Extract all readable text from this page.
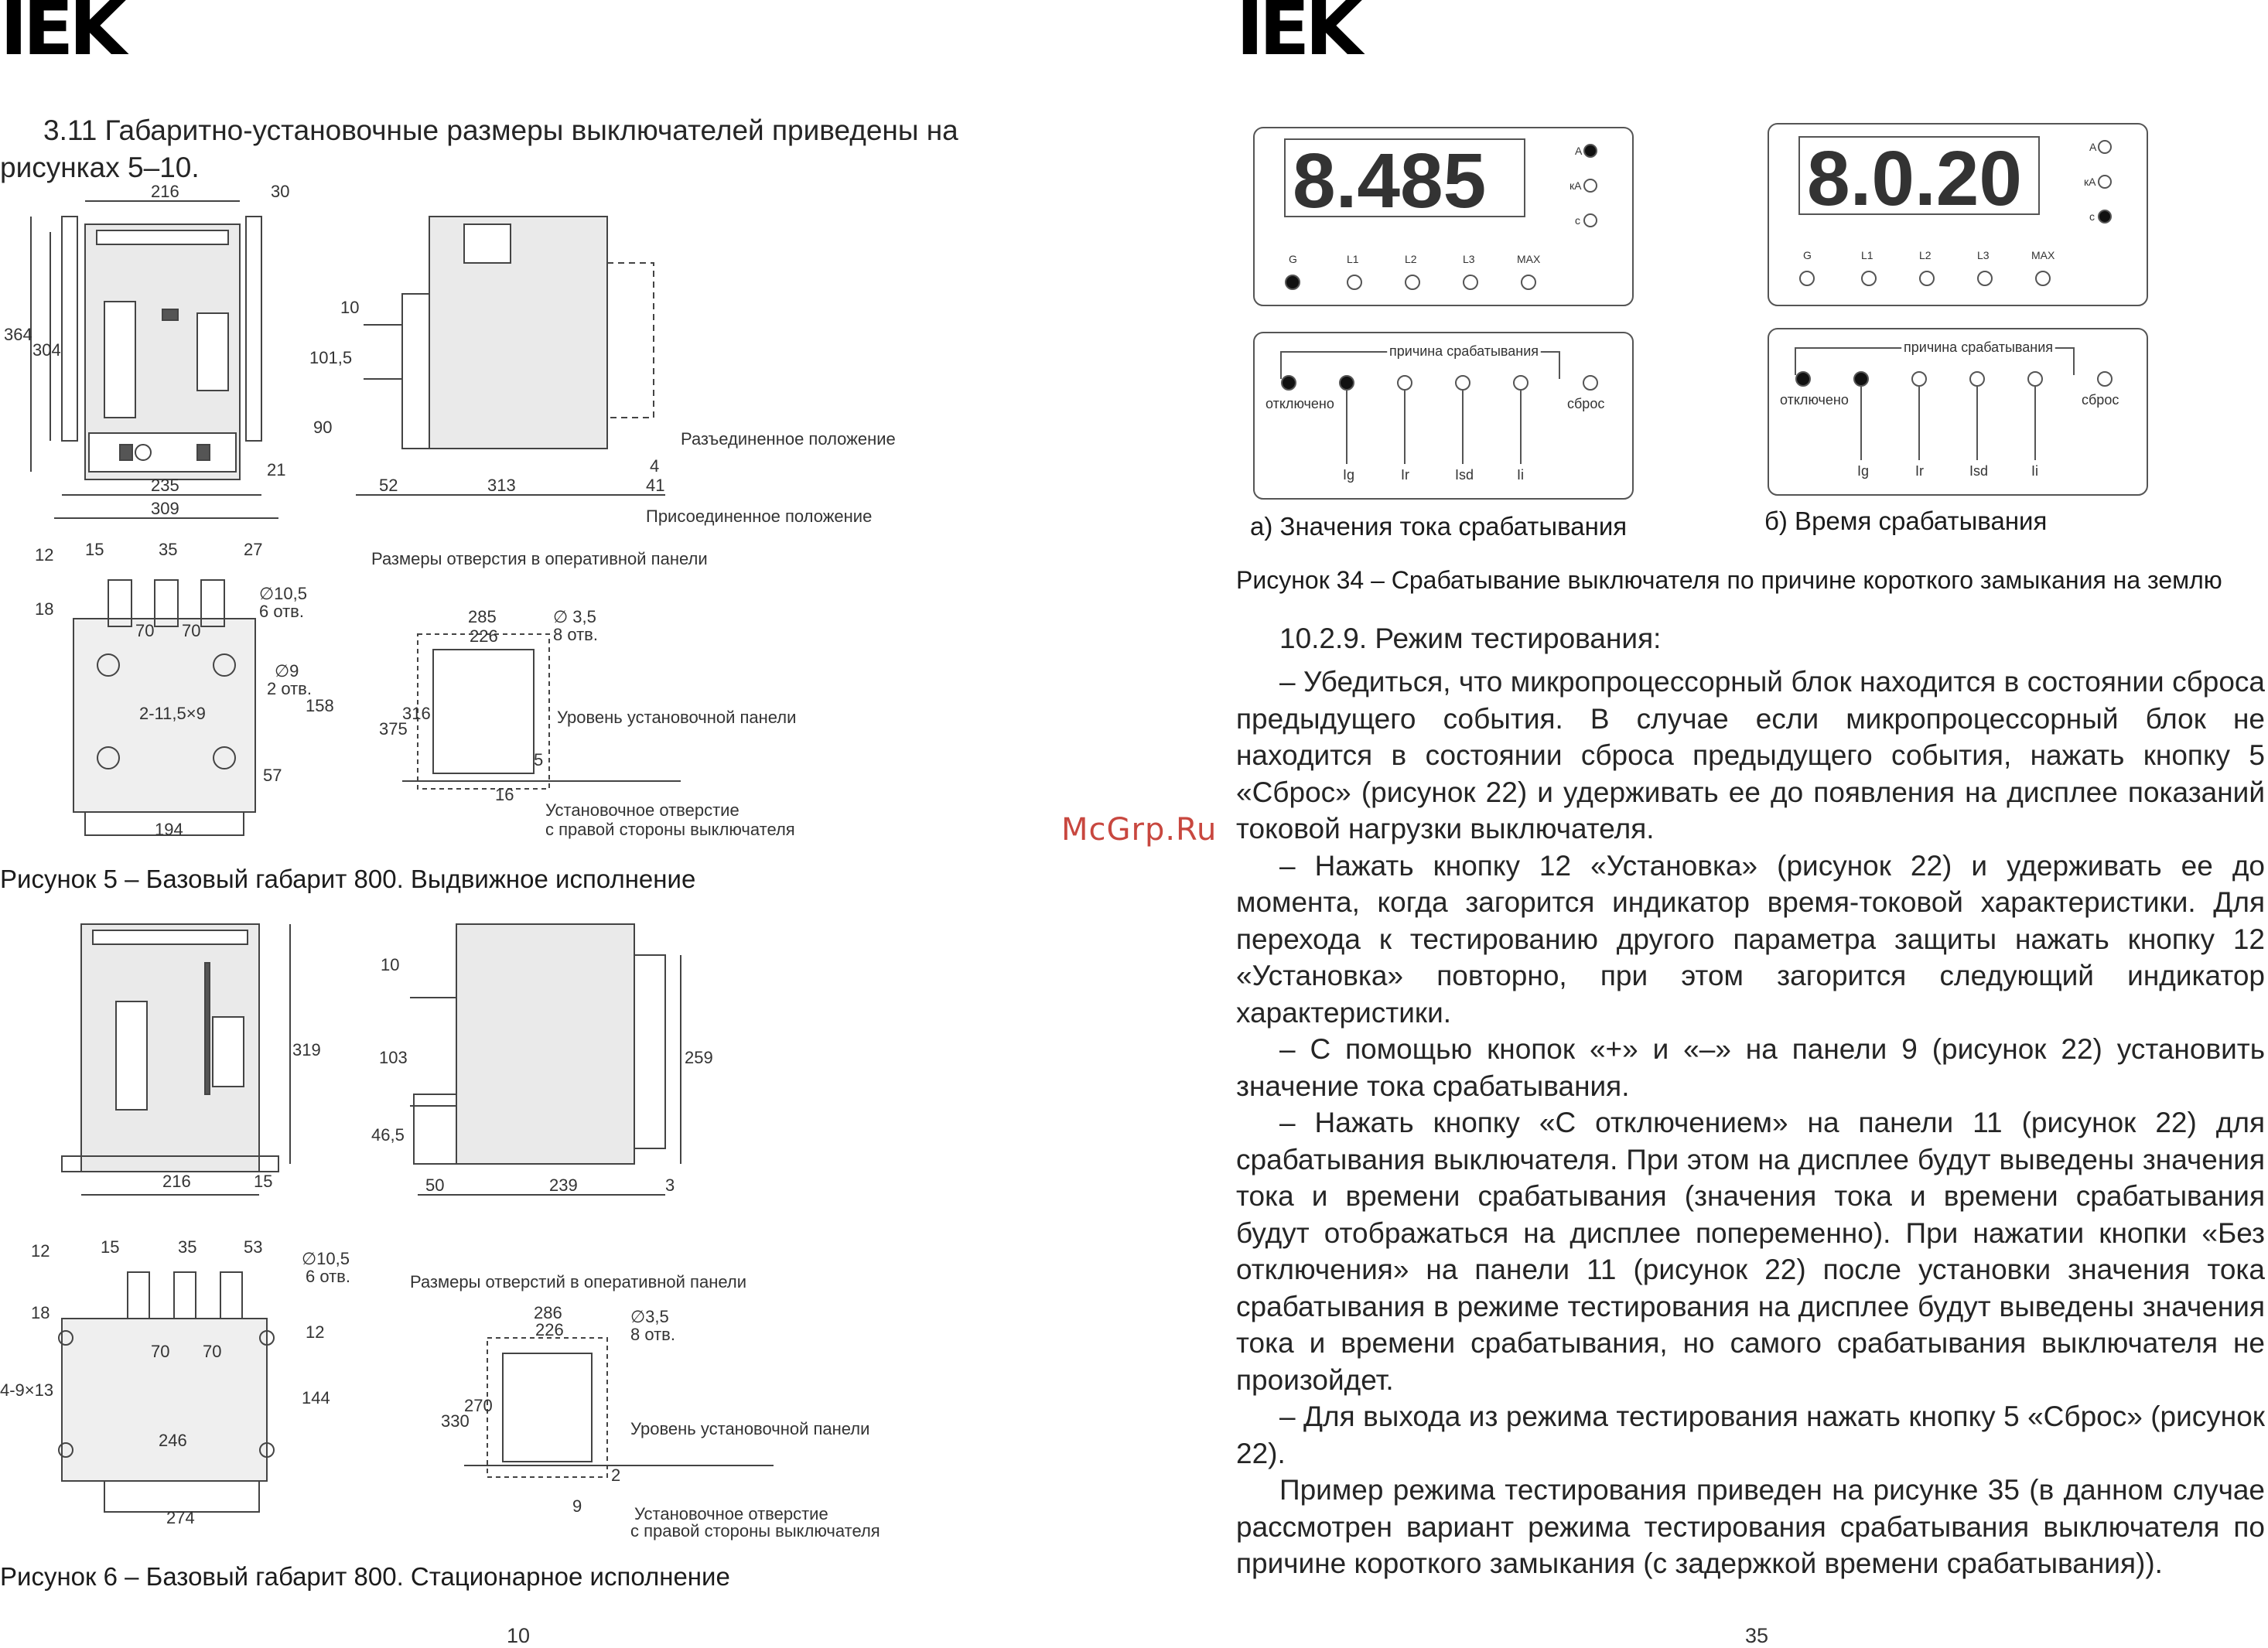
IEK
3.11 Габаритно-установочные размеры выключателей приведены на рисунках 5–10.
216	30
364
304
235
21
309
10
101,5
90
52	313	41
4
Разъединенное положение
Присоединенное положение
15	35	27
12
18
70 70
2-11,5×9	158
57
194
∅10,5
6 отв.
∅9
2 отв.
Размеры отверстия в оперативной панели
285
226
375
316
5
16
∅ 3,5
8 отв.
Уровень установочной панели
Установочное отверстие
с правой стороны выключателя
Рисунок 5 – Базовый габарит 800. Выдвижное исполнение
319
216	15
10
103
46,5
50	239
259
3
15	35	53
12
18
12
70 70
4-9×13	144
246
274
∅10,5
6 отв.	Размеры отверстий в оперативной панели
286
226
330
270
2
9
∅3,5
8 отв.
Уровень установочной панели
Установочное отверстие
с правой стороны выключателя
Рисунок 6 – Базовый габарит 800. Стационарное исполнение
10
McGrp.Ru
IEK
8.485	A
кА
с
G	L1	L2	L3	MAX
причина срабатывания
отключено	сброс
Ig	Ir	Isd	Ii
а) Значения тока срабатывания
8.0.20	A
кА
с
G	L1	L2	L3	MAX
причина срабатывания
отключено	сброс
Ig	Ir	Isd	Ii
б) Время срабатывания
Рисунок 34 – Срабатывание выключателя по причине короткого замыкания на землю
10.2.9. Режим тестирования:

– Убедиться, что микропроцессорный блок находится в состоянии сброса предыдущего события. В случае если микропроцессорный блок не находится в состоянии сброса предыдущего события, нажать кнопку 5 «Сброс» (рисунок 22) и удерживать ее до появления на дисплее показаний токовой нагрузки выключателя.

– Нажать кнопку 12 «Установка» (рисунок 22) и удерживать ее до момента, когда загорится индикатор время-токовой характеристики. Для перехода к тестированию другого параметра защиты нажать кнопку 12 «Установка» повторно, при этом загорится следующий индикатор характеристики.

– С помощью кнопок «+» и «–» на панели 9 (рисунок 22) установить значение тока срабатывания.

– Нажать кнопку «С отключением» на панели 11 (рисунок 22) для срабатывания выключателя. При этом на дисплее будут выведены значения тока и времени срабатывания (значения тока и времени срабатывания будут отображаться на дисплее попеременно). При нажатии кнопки «Без отключения» на панели 11 (рисунок 22) после установки значения тока срабатывания в режиме тестирования на дисплее будут выведены значения тока и времени срабатывания, но самого срабатывания выключателя не произойдет.

– Для выхода из режима тестирования нажать кнопку 5 «Сброс» (рисунок 22).

Пример режима тестирования приведен на рисунке 35 (в данном случае рассмотрен вариант режима тестирования срабатывания выключателя по причине короткого замыкания (с задержкой времени срабатывания)).

35
